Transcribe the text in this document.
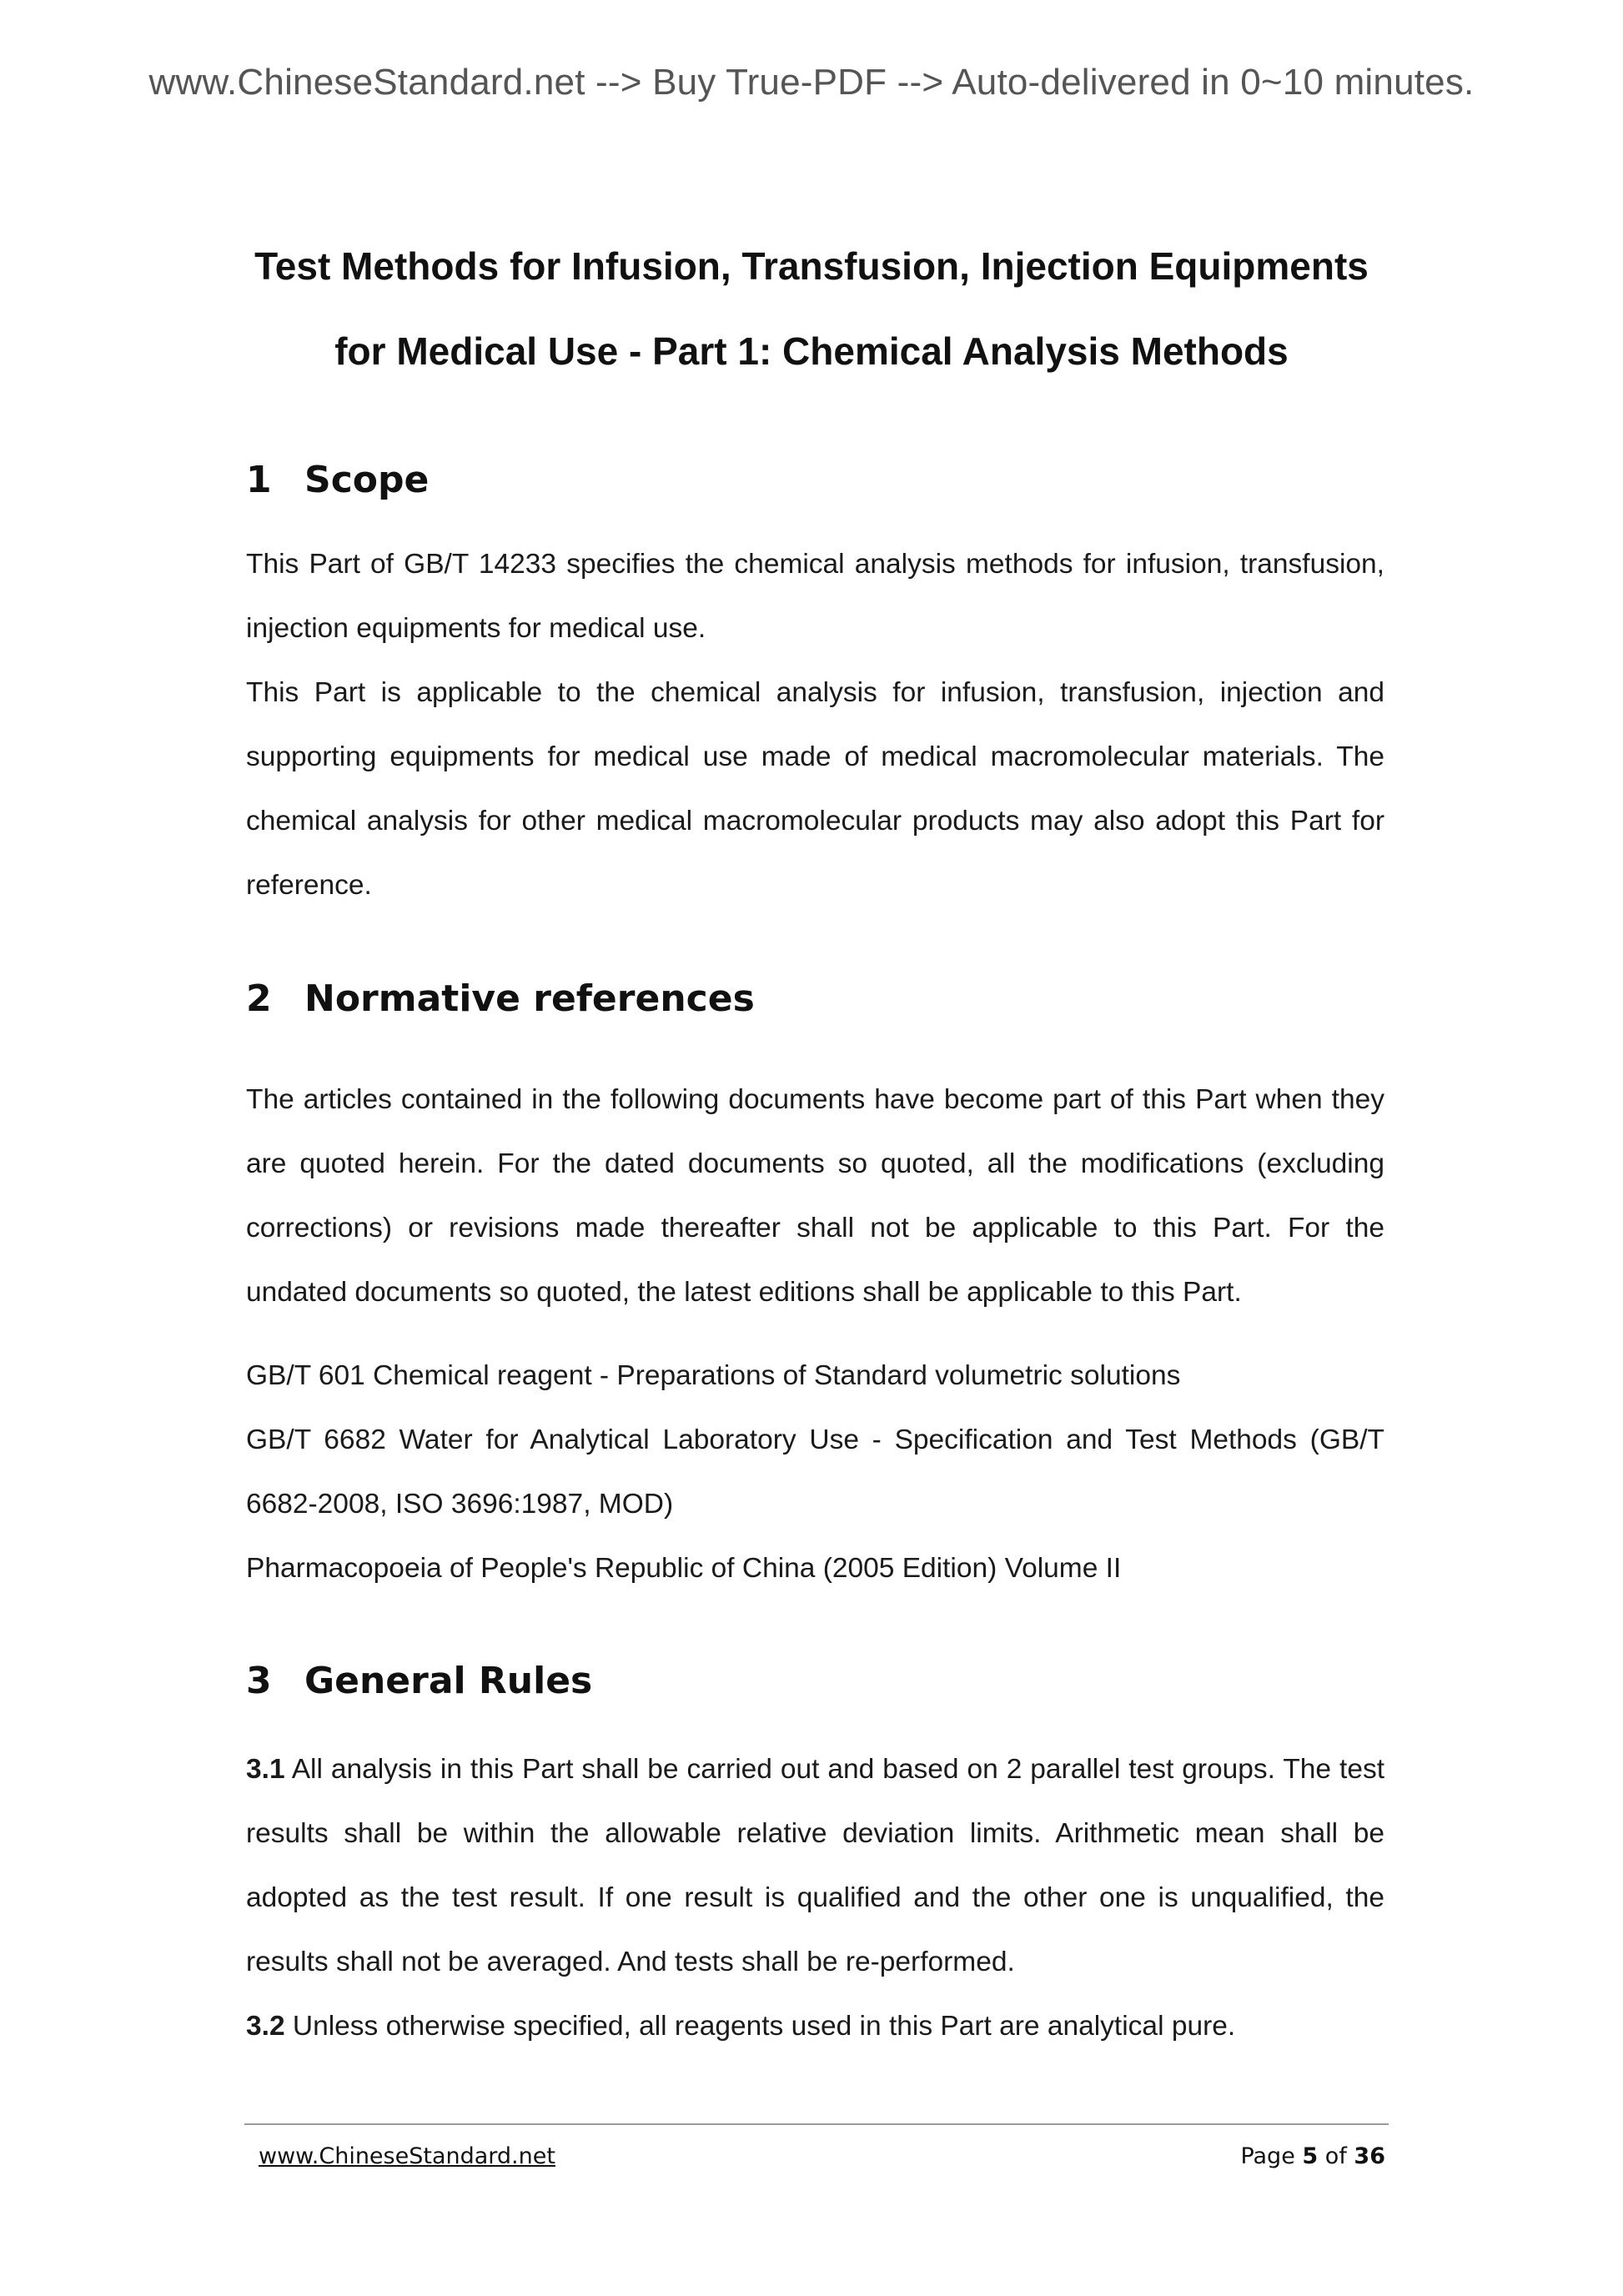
www.ChineseStandard.net --> Buy True-PDF --> Auto-delivered in 0~10 minutes.
Test Methods for Infusion, Transfusion, Injection Equipments
for Medical Use - Part 1: Chemical Analysis Methods
1 Scope
This Part of GB/T 14233 specifies the chemical analysis methods for infusion, transfusion, injection equipments for medical use.
This Part is applicable to the chemical analysis for infusion, transfusion, injection and supporting equipments for medical use made of medical macromolecular materials. The chemical analysis for other medical macromolecular products may also adopt this Part for reference.
2 Normative references
The articles contained in the following documents have become part of this Part when they are quoted herein. For the dated documents so quoted, all the modifications (excluding corrections) or revisions made thereafter shall not be applicable to this Part. For the undated documents so quoted, the latest editions shall be applicable to this Part.
GB/T 601 Chemical reagent - Preparations of Standard volumetric solutions
GB/T 6682 Water for Analytical Laboratory Use - Specification and Test Methods (GB/T 6682-2008, ISO 3696:1987, MOD)
Pharmacopoeia of People's Republic of China (2005 Edition) Volume II
3 General Rules
3.1 All analysis in this Part shall be carried out and based on 2 parallel test groups. The test results shall be within the allowable relative deviation limits. Arithmetic mean shall be adopted as the test result. If one result is qualified and the other one is unqualified, the results shall not be averaged. And tests shall be re-performed.
3.2 Unless otherwise specified, all reagents used in this Part are analytical pure.
www.ChineseStandard.net	Page 5 of 36
